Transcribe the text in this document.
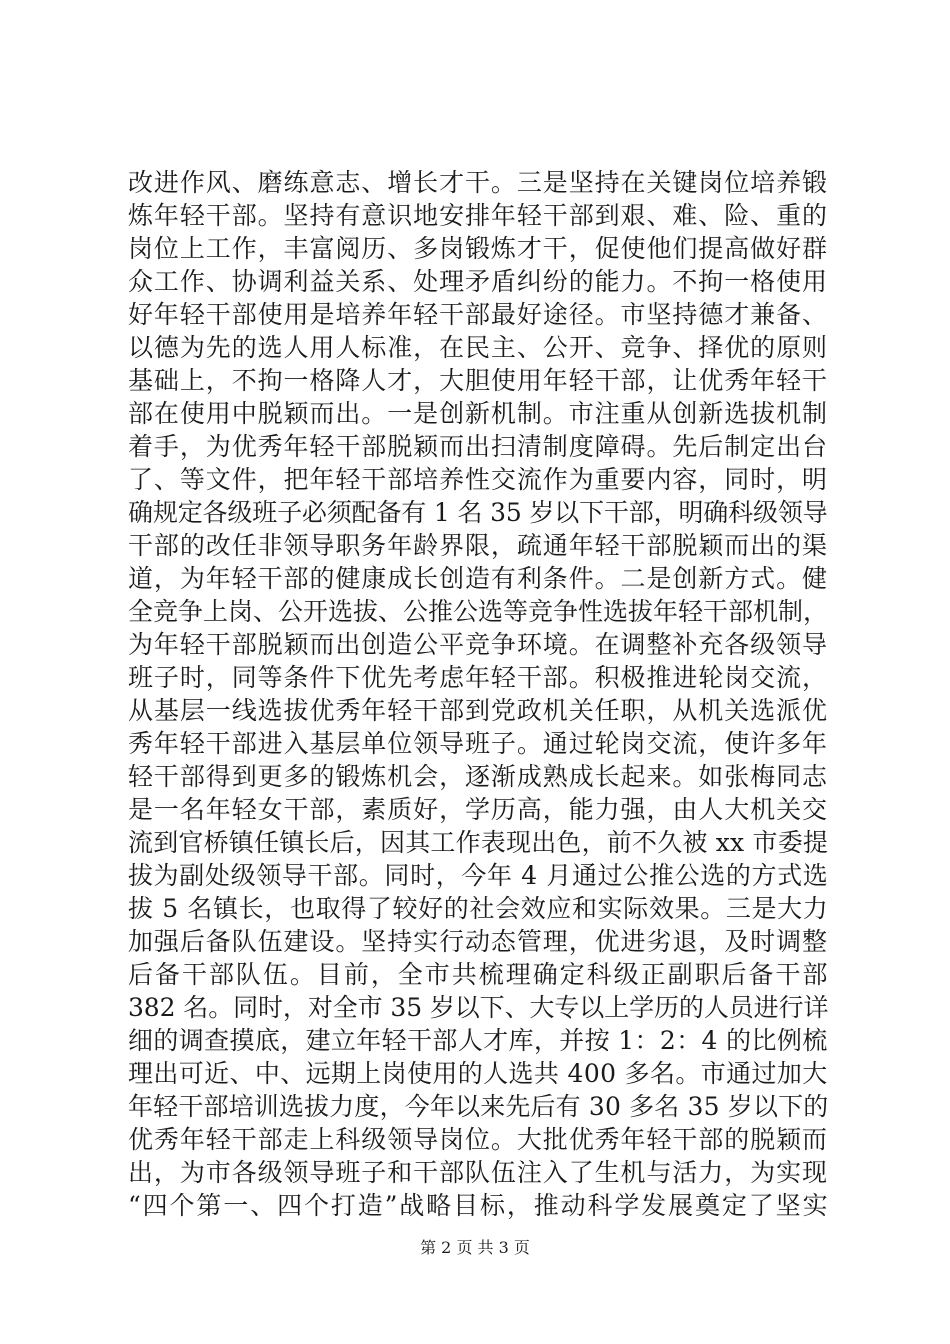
改进作风、磨练意志、增长才干。三是坚持在关键岗位培养锻
炼年轻干部。坚持有意识地安排年轻干部到艰、难、险、重的
岗位上工作，丰富阅历、多岗锻炼才干，促使他们提高做好群
众工作、协调利益关系、处理矛盾纠纷的能力。不拘一格使用
好年轻干部使用是培养年轻干部最好途径。市坚持德才兼备、
以德为先的选人用人标准，在民主、公开、竞争、择优的原则
基础上，不拘一格降人才，大胆使用年轻干部，让优秀年轻干
部在使用中脱颖而出。一是创新机制。市注重从创新选拔机制
着手，为优秀年轻干部脱颖而出扫清制度障碍。先后制定出台
了、等文件，把年轻干部培养性交流作为重要内容，同时，明
确规定各级班子必须配备有 1 名 35 岁以下干部，明确科级领导
干部的改任非领导职务年龄界限，疏通年轻干部脱颖而出的渠
道，为年轻干部的健康成长创造有利条件。二是创新方式。健
全竞争上岗、公开选拔、公推公选等竞争性选拔年轻干部机制，
为年轻干部脱颖而出创造公平竞争环境。在调整补充各级领导
班子时，同等条件下优先考虑年轻干部。积极推进轮岗交流，
从基层一线选拔优秀年轻干部到党政机关任职，从机关选派优
秀年轻干部进入基层单位领导班子。通过轮岗交流，使许多年
轻干部得到更多的锻炼机会，逐渐成熟成长起来。如张梅同志
是一名年轻女干部，素质好，学历高，能力强，由人大机关交
流到官桥镇任镇长后，因其工作表现出色，前不久被 xx 市委提
拔为副处级领导干部。同时，今年 4 月通过公推公选的方式选
拔 5 名镇长，也取得了较好的社会效应和实际效果。三是大力
加强后备队伍建设。坚持实行动态管理，优进劣退，及时调整
后备干部队伍。目前，全市共梳理确定科级正副职后备干部
382 名。同时，对全市 35 岁以下、大专以上学历的人员进行详
细的调查摸底，建立年轻干部人才库，并按 1：2：4 的比例梳
理出可近、中、远期上岗使用的人选共 400 多名。市通过加大
年轻干部培训选拔力度，今年以来先后有 30 多名 35 岁以下的
优秀年轻干部走上科级领导岗位。大批优秀年轻干部的脱颖而
出，为市各级领导班子和干部队伍注入了生机与活力，为实现
“四个第一、四个打造”战略目标，推动科学发展奠定了坚实
第 2 页 共 3 页
